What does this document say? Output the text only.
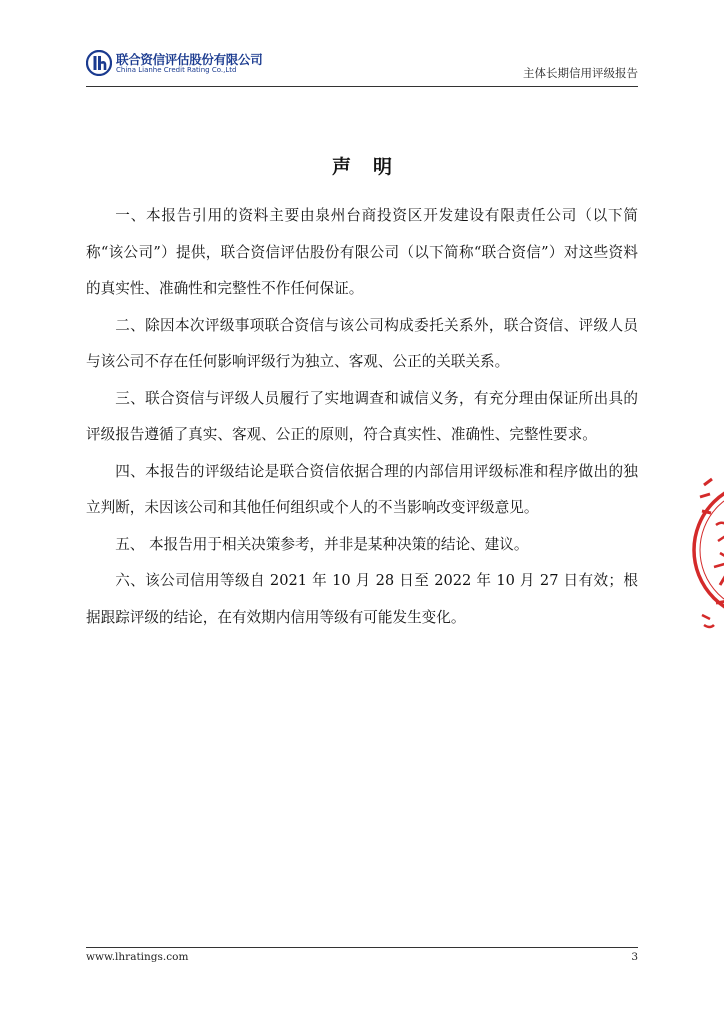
联合资信评估股份有限公司
China Lianhe Credit Rating Co.,Ltd	主体长期信用评级报告
声明

一、本报告引用的资料主要由泉州台商投资区开发建设有限责任公司（以下简称“该公司”）提供，联合资信评估股份有限公司（以下简称“联合资信”）对这些资料的真实性、准确性和完整性不作任何保证。

二、除因本次评级事项联合资信与该公司构成委托关系外，联合资信、评级人员与该公司不存在任何影响评级行为独立、客观、公正的关联关系。

三、联合资信与评级人员履行了实地调查和诚信义务，有充分理由保证所出具的评级报告遵循了真实、客观、公正的原则，符合真实性、准确性、完整性要求。

四、本报告的评级结论是联合资信依据合理的内部信用评级标准和程序做出的独立判断，未因该公司和其他任何组织或个人的不当影响改变评级意见。

五、 本报告用于相关决策参考，并非是某种决策的结论、建议。

六、该公司信用等级自 2021 年 10 月 28 日至 2022 年 10 月 27 日有效；根据跟踪评级的结论，在有效期内信用等级有可能发生变化。

www.lhratings.com	3
